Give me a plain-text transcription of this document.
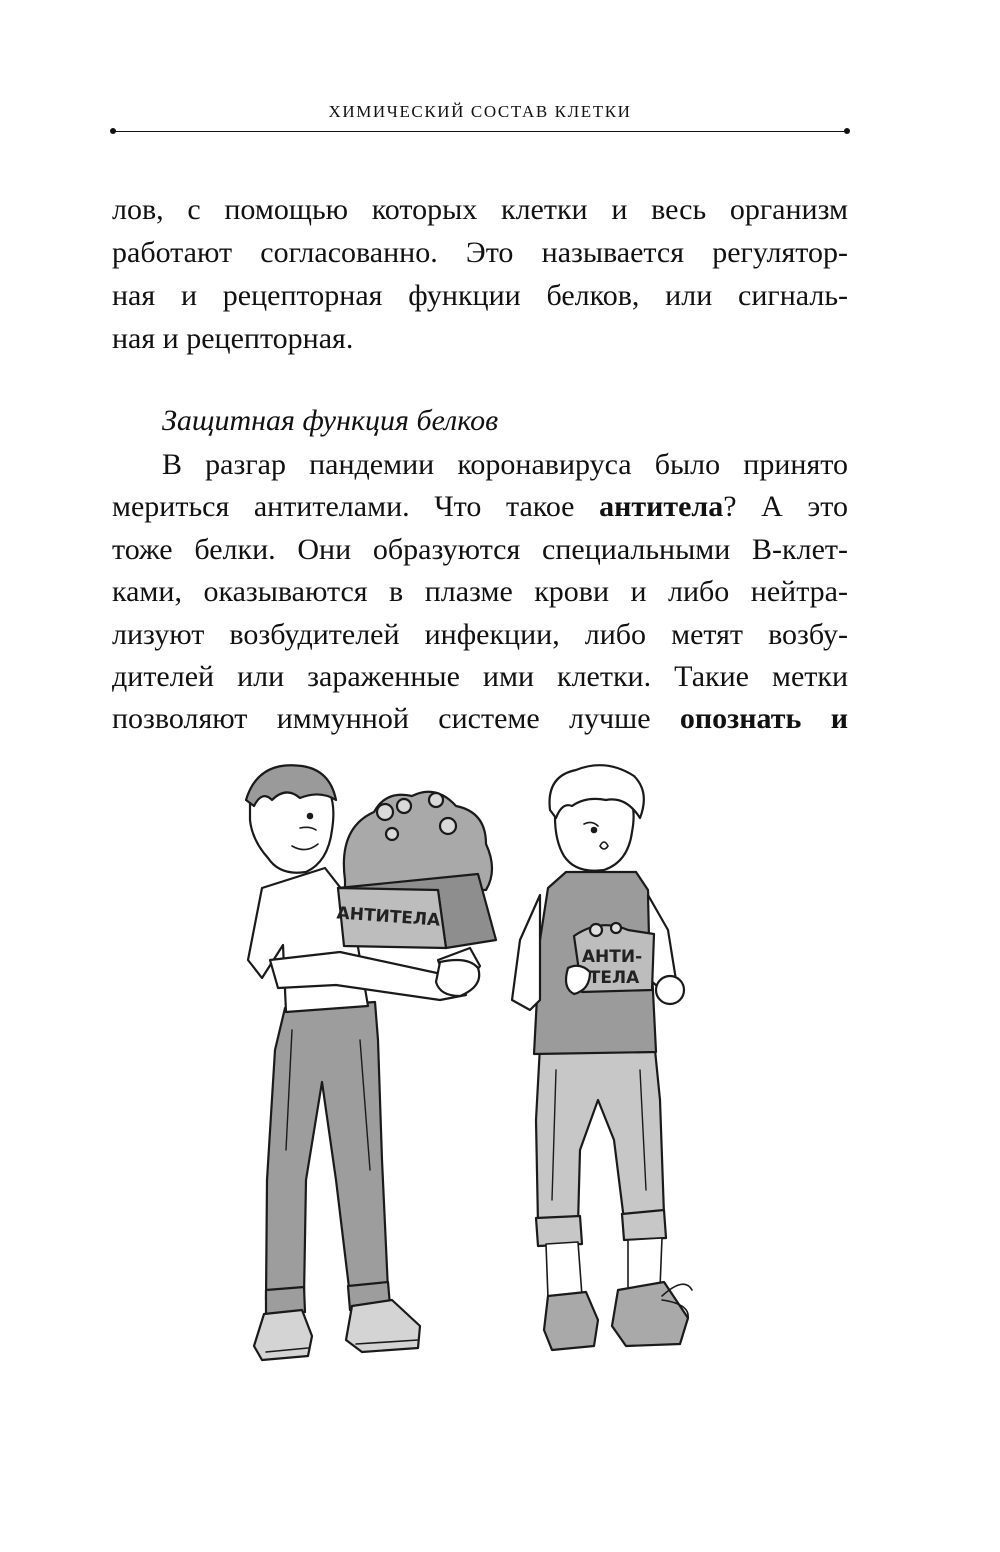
ХИМИЧЕСКИЙ СОСТАВ КЛЕТКИ
лов, с помощью которых клетки и весь организм
работают согласованно. Это называется регулятор-
ная и рецепторная функции белков, или сигналь-
ная и рецепторная.
Защитная функция белков
В разгар пандемии коронавируса было принято
мериться антителами. Что такое антитела? А это
тоже белки. Они образуются специальными B-клет-
ками, оказываются в плазме крови и либо нейтра-
лизуют возбудителей инфекции, либо метят возбу-
дителей или зараженные ими клетки. Такие метки
позволяют иммунной системе лучше опознать и
АНТИТЕЛА
АНТИ-
ТЕЛА
